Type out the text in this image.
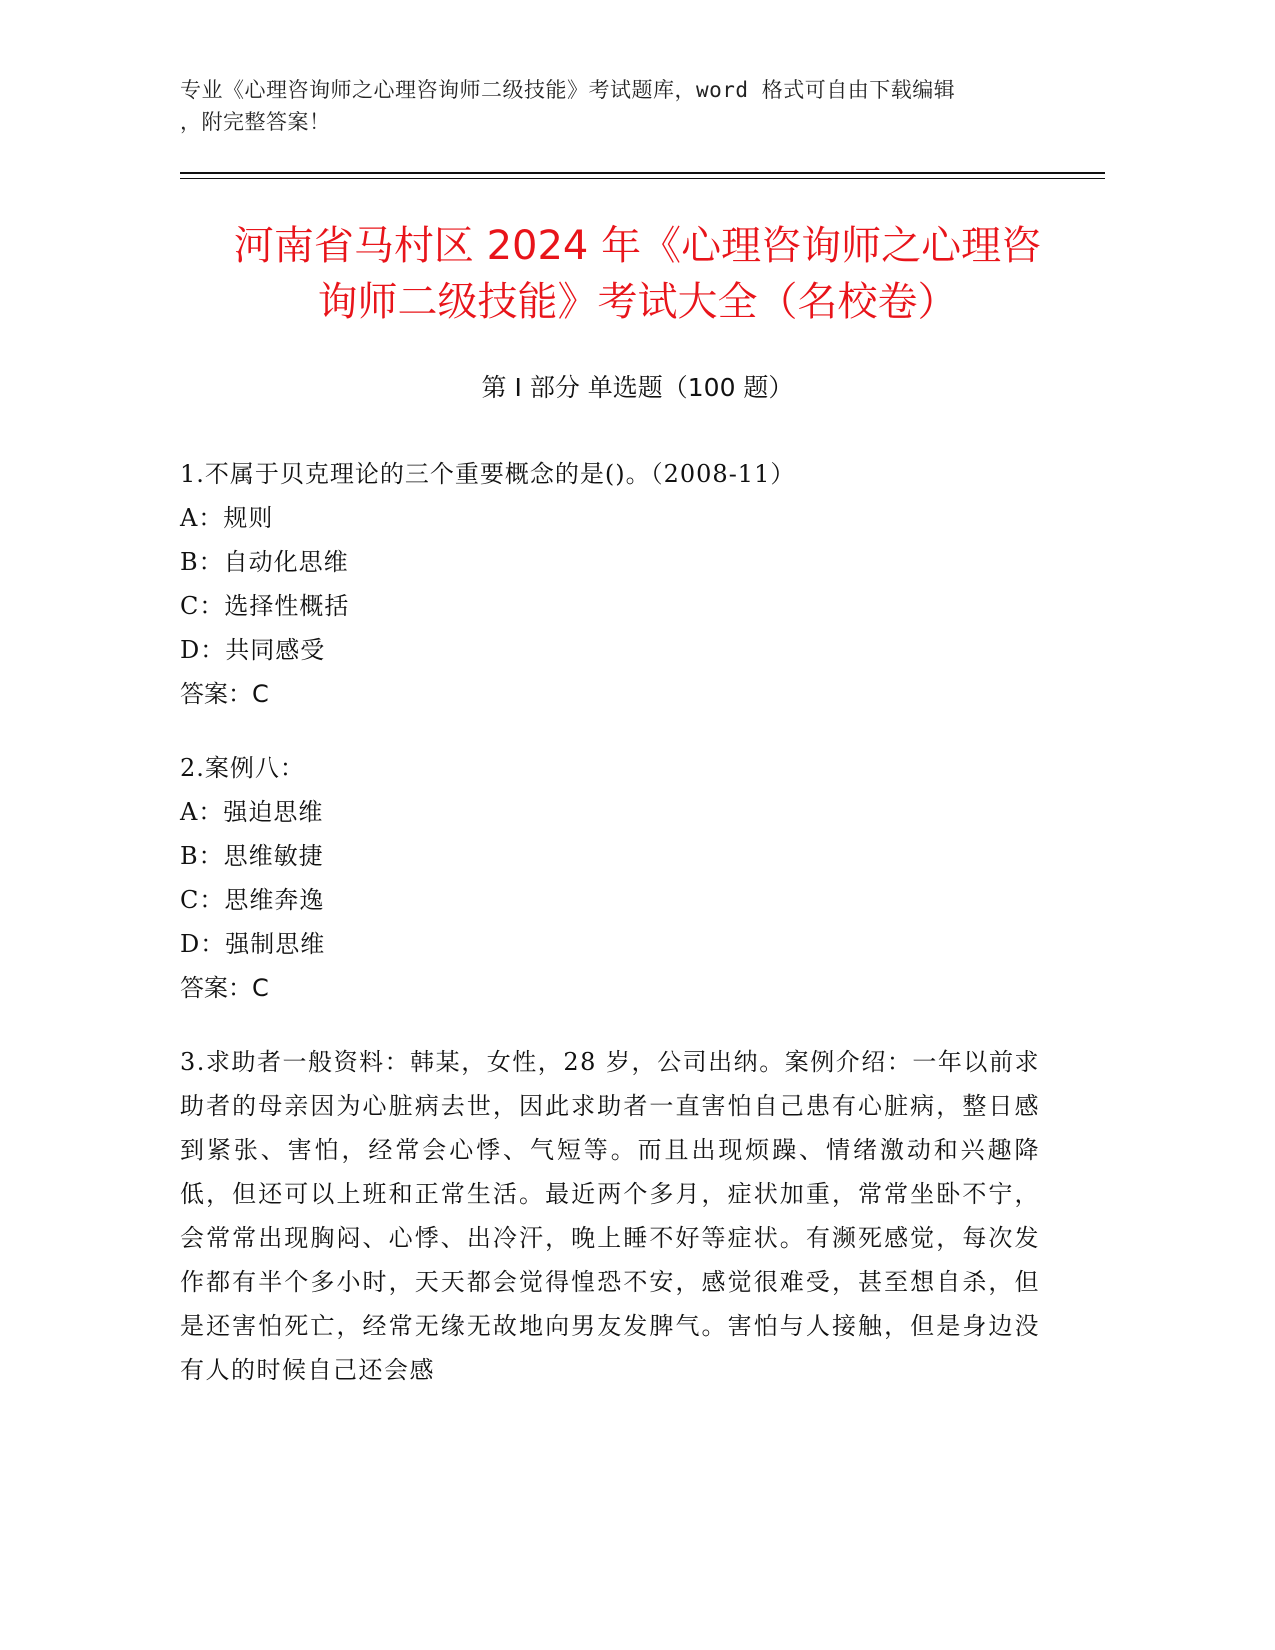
专业《心理咨询师之心理咨询师二级技能》考试题库，word 格式可自由下载编辑
，附完整答案！
河南省马村区 2024 年《心理咨询师之心理咨
询师二级技能》考试大全（名校卷）
第 I 部分 单选题（100 题）
1.不属于贝克理论的三个重要概念的是()。（2008-11）
A：规则
B：自动化思维
C：选择性概括
D：共同感受
答案：C
2.案例八：
A：强迫思维
B：思维敏捷
C：思维奔逸
D：强制思维
答案：C
3.求助者一般资料：韩某，女性，28 岁，公司出纳。案例介绍：一年以前求助者的母亲因为心脏病去世，因此求助者一直害怕自己患有心脏病，整日感到紧张、害怕，经常会心悸、气短等。而且出现烦躁、情绪激动和兴趣降低，但还可以上班和正常生活。最近两个多月，症状加重，常常坐卧不宁，会常常出现胸闷、心悸、出冷汗，晚上睡不好等症状。有濒死感觉，每次发作都有半个多小时，天天都会觉得惶恐不安，感觉很难受，甚至想自杀，但是还害怕死亡，经常无缘无故地向男友发脾气。害怕与人接触，但是身边没有人的时候自己还会感
